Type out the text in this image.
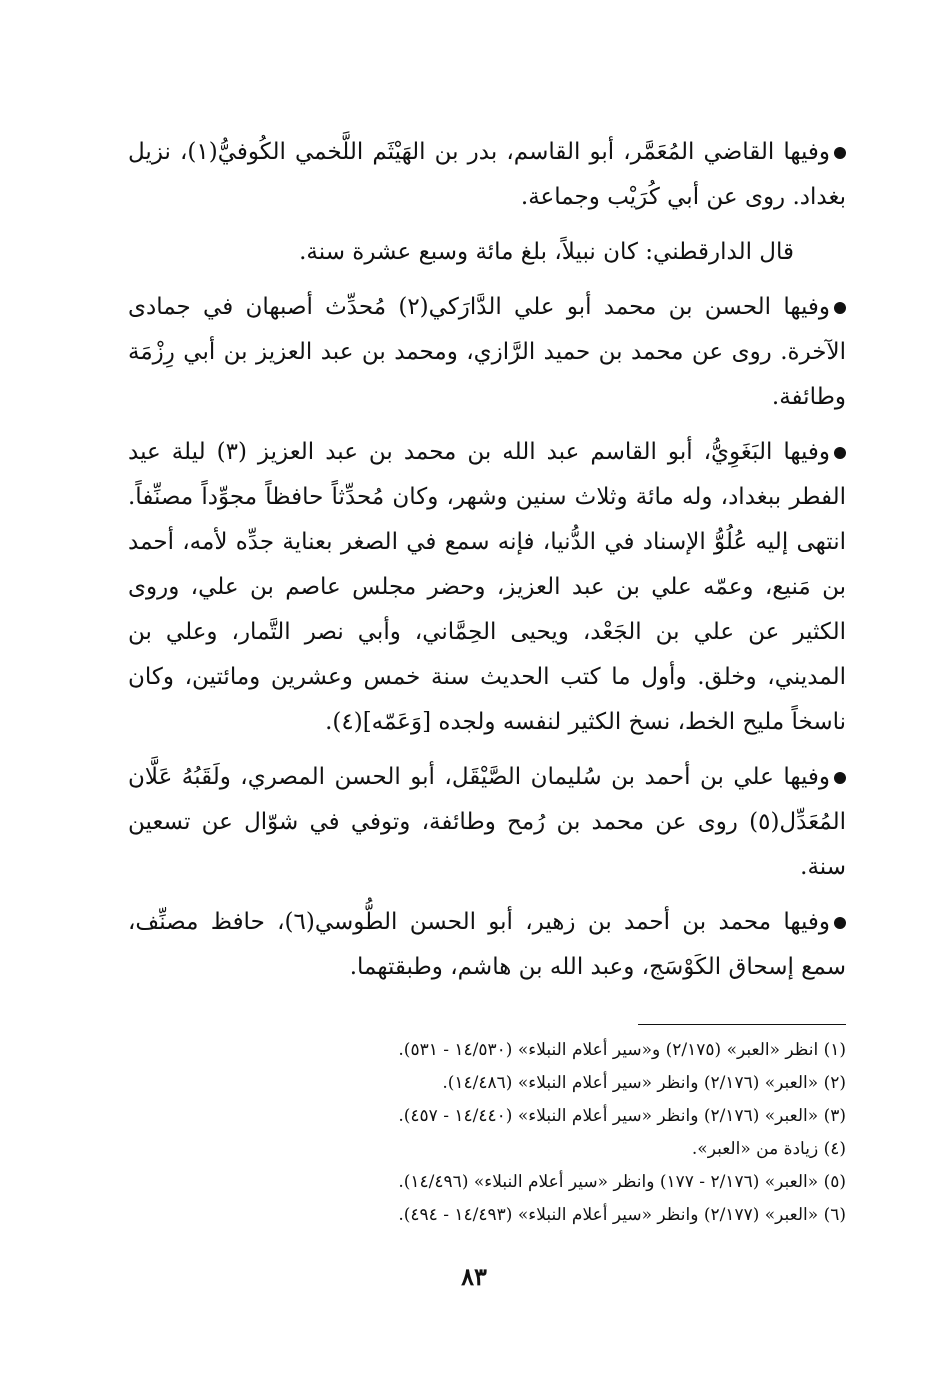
وفيها القاضي المُعَمَّر، أبو القاسم، بدر بن الهَيْثَم اللَّخمي الكُوفيُّ(١)، نزيل بغداد. روى عن أبي كُرَيْب وجماعة.

قال الدارقطني: كان نبيلاً، بلغ مائة وسبع عشرة سنة.

وفيها الحسن بن محمد أبو علي الدَّارَكي(٢) مُحدِّث أصبهان في جمادى الآخرة. روى عن محمد بن حميد الرَّازي، ومحمد بن عبد العزيز بن أبي رِزْمَة وطائفة.

وفيها البَغَوِيُّ، أبو القاسم عبد الله بن محمد بن عبد العزيز (٣) ليلة عيد الفطر ببغداد، وله مائة وثلاث سنين وشهر، وكان مُحدِّثاً حافظاً مجوِّداً مصنِّفاً. انتهى إليه عُلُوُّ الإسناد في الدُّنيا، فإنه سمع في الصغر بعناية جدِّه لأمه، أحمد بن مَنيع، وعمّه علي بن عبد العزيز، وحضر مجلس عاصم بن علي، وروى الكثير عن علي بن الجَعْد، ويحيى الحِمَّاني، وأبي نصر التَّمار، وعلي بن المديني، وخلق. وأول ما كتب الحديث سنة خمس وعشرين ومائتين، وكان ناسخاً مليح الخط، نسخ الكثير لنفسه ولجده [وَعَمّه](٤).

وفيها علي بن أحمد بن سُليمان الصَّيْقَل، أبو الحسن المصري، ولَقَبُهُ عَلَّان المُعَدِّل(٥) روى عن محمد بن رُمح وطائفة، وتوفي في شوّال عن تسعين سنة.

وفيها محمد بن أحمد بن زهير، أبو الحسن الطُّوسي(٦)، حافظ مصنِّف، سمع إسحاق الكَوْسَج، وعبد الله بن هاشم، وطبقتهما.

(١) انظر «العبر» (٢/١٧٥) و«سير أعلام النبلاء» (١٤/٥٣٠ - ٥٣١).

(٢) «العبر» (٢/١٧٦) وانظر «سير أعلام النبلاء» (١٤/٤٨٦).

(٣) «العبر» (٢/١٧٦) وانظر «سير أعلام النبلاء» (١٤/٤٤٠ - ٤٥٧).

(٤) زيادة من «العبر».

(٥) «العبر» (٢/١٧٦ - ١٧٧) وانظر «سير أعلام النبلاء» (١٤/٤٩٦).

(٦) «العبر» (٢/١٧٧) وانظر «سير أعلام النبلاء» (١٤/٤٩٣ - ٤٩٤).

٨٣
